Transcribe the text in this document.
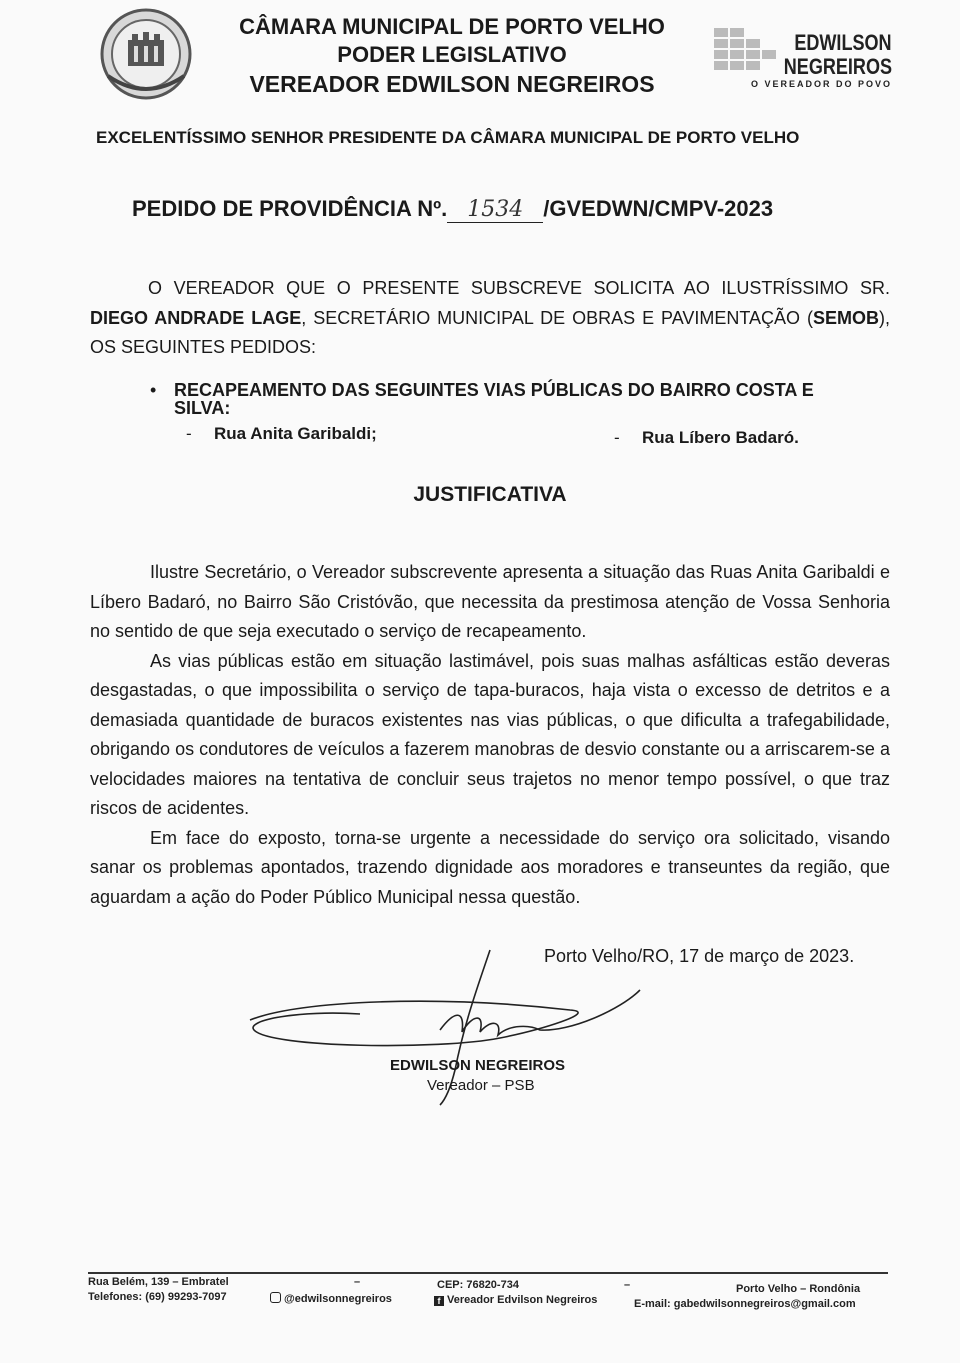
CÂMARA MUNICIPAL DE PORTO VELHO
PODER LEGISLATIVO
VEREADOR EDWILSON NEGREIROS
EDWILSON
NEGREIROS
O VEREADOR DO POVO
EXCELENTÍSSIMO SENHOR PRESIDENTE DA CÂMARA MUNICIPAL DE PORTO VELHO
PEDIDO DE PROVIDÊNCIA Nº. 1534 /GVEDWN/CMPV-2023
O VEREADOR QUE O PRESENTE SUBSCREVE SOLICITA AO ILUSTRÍSSIMO SR. DIEGO ANDRADE LAGE, SECRETÁRIO MUNICIPAL DE OBRAS E PAVIMENTAÇÃO (SEMOB), OS SEGUINTES PEDIDOS:
• RECAPEAMENTO DAS SEGUINTES VIAS PÚBLICAS DO BAIRRO COSTA E
SILVA:
- Rua Anita Garibaldi;	- Rua Líbero Badaró.
JUSTIFICATIVA

Ilustre Secretário, o Vereador subscrevente apresenta a situação das Ruas Anita Garibaldi e Líbero Badaró, no Bairro São Cristóvão, que necessita da prestimosa atenção de Vossa Senhoria no sentido de que seja executado o serviço de recapeamento.

As vias públicas estão em situação lastimável, pois suas malhas asfálticas estão deveras desgastadas, o que impossibilita o serviço de tapa-buracos, haja vista o excesso de detritos e a demasiada quantidade de buracos existentes nas vias públicas, o que dificulta a trafegabilidade, obrigando os condutores de veículos a fazerem manobras de desvio constante ou a arriscarem-se a velocidades maiores na tentativa de concluir seus trajetos no menor tempo possível, o que traz riscos de acidentes.

Em face do exposto, torna-se urgente a necessidade do serviço ora solicitado, visando sanar os problemas apontados, trazendo dignidade aos moradores e transeuntes da região, que aguardam a ação do Poder Público Municipal nessa questão.

Porto Velho/RO, 17 de março de 2023.
EDWILSON NEGREIROS
Vereador – PSB
Rua Belém, 139 – Embratel
Telefones: (69) 99293-7097
–
@edwilsonnegreiros
CEP: 76820-734
f Vereador Edvilson Negreiros
–	Porto Velho – Rondônia
E-mail: gabedwilsonnegreiros@gmail.com
